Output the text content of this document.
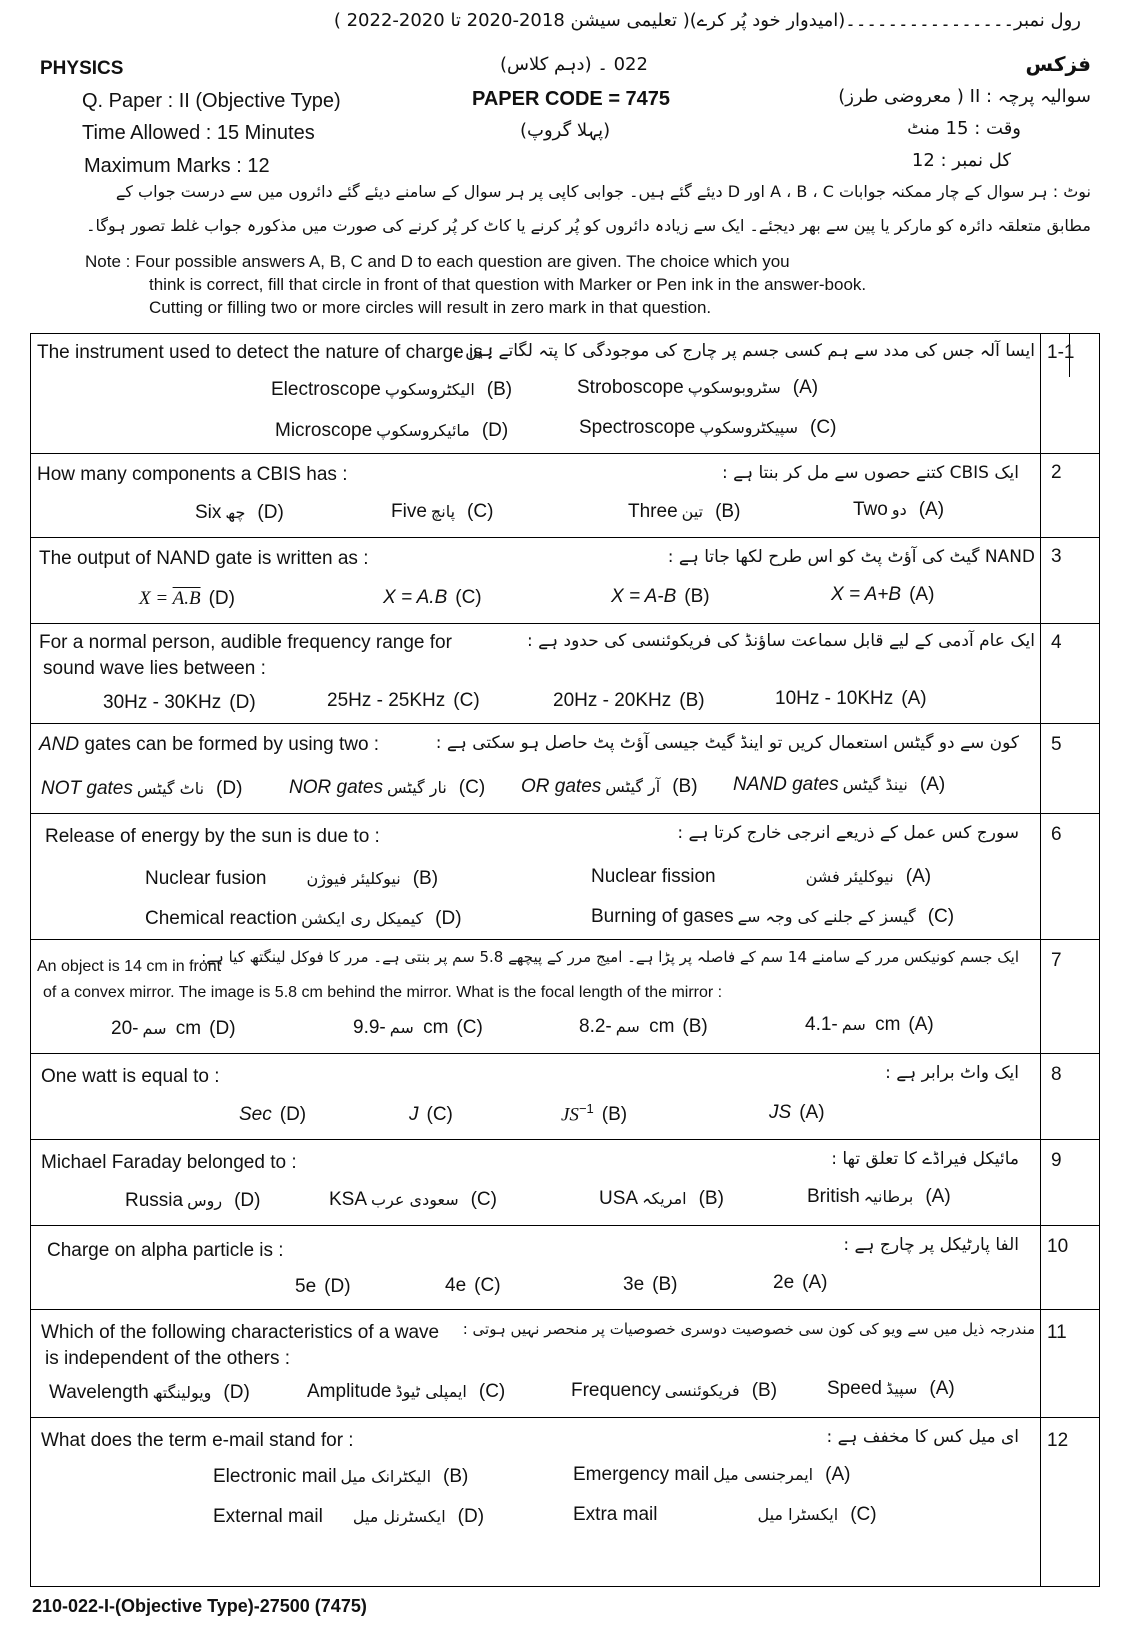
رول نمبر۔۔۔۔۔۔۔۔۔۔۔۔۔۔۔۔(امیدوار خود پُر کرے)( تعلیمی سیشن 2018-2020 تا 2020-2022 )
PHYSICS	فزکس
022 ۔ (دہم کلاس)
Q. Paper : II (Objective Type)	PAPER CODE = 7475	سوالیہ پرچہ : II ( معروضی طرز)
Time Allowed : 15 Minutes	(پہلا گروپ)	وقت : 15 منٹ
Maximum Marks : 12	کل نمبر : 12
نوٹ : ہر سوال کے چار ممکنہ جوابات A ، B ، C اور D دیئے گئے ہیں۔ جوابی کاپی پر ہر سوال کے سامنے دیئے گئے دائروں میں سے درست جواب کے
مطابق متعلقہ دائرہ کو مارکر یا پین سے بھر دیجئے۔ ایک سے زیادہ دائروں کو پُر کرنے یا کاٹ کر پُر کرنے کی صورت میں مذکورہ جواب غلط تصور ہوگا۔
Note : Four possible answers A, B, C and D to each question are given. The choice which you
think is correct, fill that circle in front of that question with Marker or Pen ink in the answer-book.
Cutting or filling two or more circles will result in zero mark in that question.
1-1
The instrument used to detect the nature of charge is :
ایسا آلہ جس کی مدد سے ہم کسی جسم پر چارج کی موجودگی کا پتہ لگاتے ہیں :
Stroboscope سٹروبوسکوپ (A)
Electroscope الیکٹروسکوپ (B)
Spectroscope سپیکٹروسکوپ (C)
Microscope مائیکروسکوپ (D)
2
How many components a CBIS has :	ایک CBIS کتنے حصوں سے مل کر بنتا ہے :
Two دو (A)
Three تین (B)
Five پانچ (C)
Six چھ (D)
3
The output of NAND gate is written as :	NAND گیٹ کی آؤٹ پٹ کو اس طرح لکھا جاتا ہے :
X = A+B (A)
X = A-B (B)
X = A.B (C)
X = A.B (D)
4
For a normal person, audible frequency range for
sound wave lies between :
ایک عام آدمی کے لیے قابل سماعت ساؤنڈ کی فریکوئنسی کی حدود ہے :
10Hz - 10KHz (A)
20Hz - 20KHz (B)
25Hz - 25KHz (C)
30Hz - 30KHz (D)
5
AND gates can be formed by using two :	کون سے دو گیٹس استعمال کریں تو اینڈ گیٹ جیسی آؤٹ پٹ حاصل ہو سکتی ہے :
NAND gates نینڈ گیٹس (A)
OR gates آر گیٹس (B)
NOR gates نار گیٹس (C)
NOT gates ناٹ گیٹس (D)
6
Release of energy by the sun is due to :	سورج کس عمل کے ذریعے انرجی خارج کرتا ہے :
Nuclear fission	نیوکلیئر فشن (A)
Nuclear fusion	نیوکلیئر فیوژن (B)
Burning of gases گیسز کے جلنے کی وجہ سے (C)
Chemical reaction کیمیکل ری ایکشن (D)
7
An object is 14 cm in front
of a convex mirror. The image is 5.8 cm behind the mirror. What is the focal length of the mirror :
ایک جسم کونیکس مرر کے سامنے 14 سم کے فاصلہ پر پڑا ہے۔ امیج مرر کے پیچھے 5.8 سم پر بنتی ہے۔ مرر کا فوکل لینگتھ کیا ہے:
سم-4.1 cm (A)
سم-8.2 cm (B)
سم-9.9 cm (C)
سم-20 cm (D)
8
One watt is equal to :	ایک واٹ برابر ہے :
JS (A)
$JS^{-1}$ (B)
J (C)
Sec (D)
9
Michael Faraday belonged to :	مائیکل فیراڈے کا تعلق تھا :
British برطانیہ (A)
USA امریکہ (B)
KSA سعودی عرب (C)
Russia روس (D)
10
Charge on alpha particle is :	الفا پارٹیکل پر چارج ہے :
2e (A)
3e (B)
4e (C)
5e (D)
11
Which of the following characteristics of a wave
is independent of the others :
مندرجہ ذیل میں سے ویو کی کون سی خصوصیت دوسری خصوصیات پر منحصر نہیں ہوتی :
Speed سپیڈ (A)
Frequency فریکوئنسی (B)
Amplitude ایمپلی ٹیوڈ (C)
Wavelength ویولینگتھ (D)
12
What does the term e-mail stand for :	ای میل کس کا مخفف ہے :
Emergency mail ایمرجنسی میل (A)
Electronic mail الیکٹرانک میل (B)
Extra mail	ایکسٹرا میل (C)
External mail ایکسٹرنل میل (D)
210-022-I-(Objective Type)-27500 (7475)
